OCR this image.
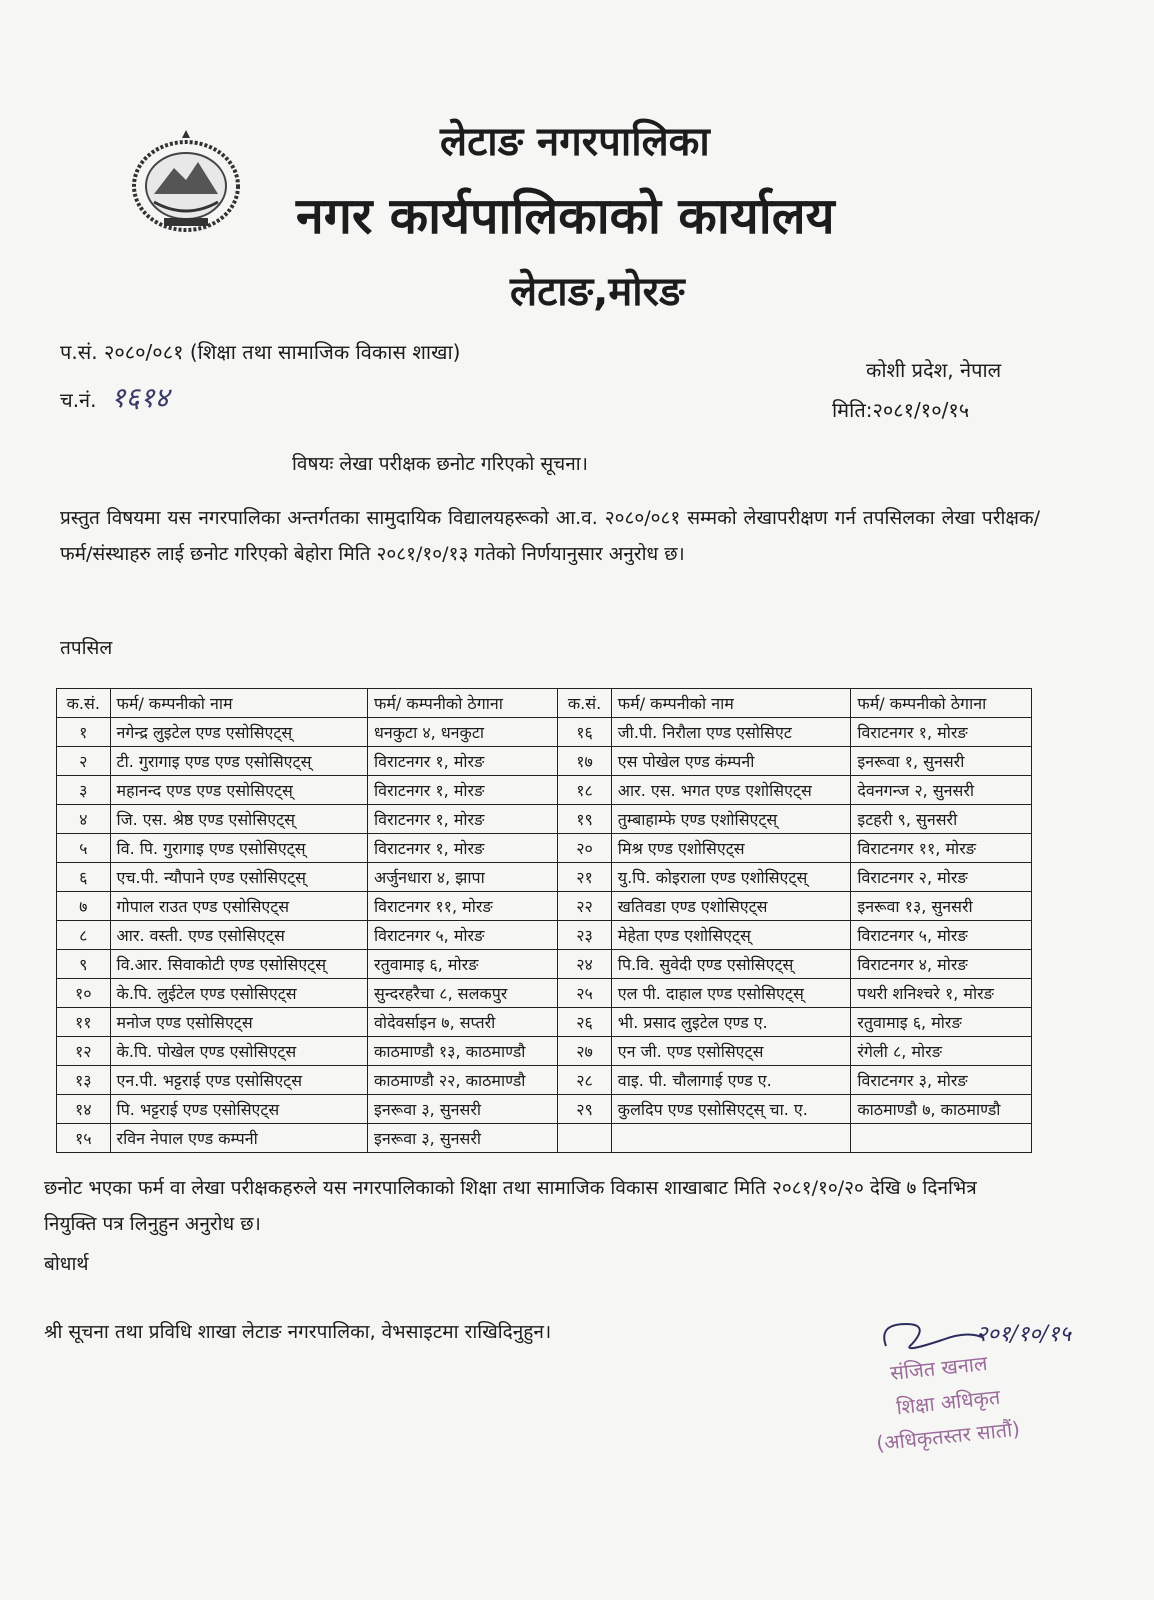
लेटाङ नगरपालिका
नगर कार्यपालिकाको कार्यालय
लेटाङ,मोरङ
प.सं. २०८०/०८१ (शिक्षा तथा सामाजिक विकास शाखा)
च.नं. १६१४
कोशी प्रदेश, नेपाल
मिति:२०८१/१०/१५
विषयः लेखा परीक्षक छनोट गरिएको सूचना।
प्रस्तुत विषयमा यस नगरपालिका अन्तर्गतका सामुदायिक विद्यालयहरूको आ.व. २०८०/०८१ सम्मको लेखापरीक्षण गर्न तपसिलका लेखा परीक्षक/फर्म/संस्थाहरु लाई छनोट गरिएको बेहोरा मिति २०८१/१०/१३ गतेको निर्णयानुसार अनुरोध छ।
तपसिल
क.सं.	फर्म/ कम्पनीको नाम	फर्म/ कम्पनीको ठेगाना	क.सं.	फर्म/ कम्पनीको नाम	फर्म/ कम्पनीको ठेगाना
१	नगेन्द्र लुइटेल एण्ड एसोसिएट्स्	धनकुटा ४, धनकुटा	१६	जी.पी. निरौला एण्ड एसोसिएट	विराटनगर १, मोरङ
२	टी. गुरागाइ एण्ड एण्ड एसोसिएट्स्	विराटनगर १, मोरङ	१७	एस पोखेल एण्ड कंम्पनी	इनरूवा १, सुनसरी
३	महानन्द एण्ड एण्ड एसोसिएट्स्	विराटनगर १, मोरङ	१८	आर. एस. भगत एण्ड एशोसिएट्स	देवनगन्ज २, सुनसरी
४	जि. एस. श्रेष्ठ एण्ड एसोसिएट्स्	विराटनगर १, मोरङ	१९	तुम्बाहाम्फे एण्ड एशोसिएट्स्	इटहरी ९, सुनसरी
५	वि. पि. गुरागाइ एण्ड एसोसिएट्स्	विराटनगर १, मोरङ	२०	मिश्र एण्ड एशोसिएट्स	विराटनगर ११, मोरङ
६	एच.पी. न्यौपाने एण्ड एसोसिएट्स्	अर्जुनधारा ४, झापा	२१	यु.पि. कोइराला एण्ड एशोसिएट्स्	विराटनगर २, मोरङ
७	गोपाल राउत एण्ड एसोसिएट्स	विराटनगर ११, मोरङ	२२	खतिवडा एण्ड एशोसिएट्स	इनरूवा १३, सुनसरी
८	आर. वस्ती. एण्ड एसोसिएट्स	विराटनगर ५, मोरङ	२३	मेहेता एण्ड एशोसिएट्स्	विराटनगर ५, मोरङ
९	वि.आर. सिवाकोटी एण्ड एसोसिएट्स्	रतुवामाइ ६, मोरङ	२४	पि.वि. सुवेदी एण्ड एसोसिएट्स्	विराटनगर ४, मोरङ
१०	के.पि. लुईटेल एण्ड एसोसिएट्स	सुन्दरहरैचा ८, सलकपुर	२५	एल पी. दाहाल एण्ड एसोसिएट्स्	पथरी शनिश्चरे १, मोरङ
११	मनोज एण्ड एसोसिएट्स	वोदेवर्साइन ७, सप्तरी	२६	भी. प्रसाद लुइटेल एण्ड ए.	रतुवामाइ ६, मोरङ
१२	के.पि. पोखेल एण्ड एसोसिएट्स	काठमाण्डौ १३, काठमाण्डौ	२७	एन जी. एण्ड एसोसिएट्स	रंगेली ८, मोरङ
१३	एन.पी. भट्टराई एण्ड एसोसिएट्स	काठमाण्डौ २२, काठमाण्डौ	२८	वाइ. पी. चौलागाई एण्ड ए.	विराटनगर ३, मोरङ
१४	पि. भट्टराई एण्ड एसोसिएट्स	इनरूवा ३, सुनसरी	२९	कुलदिप एण्ड एसोसिएट्स् चा. ए.	काठमाण्डौ ७, काठमाण्डौ
१५	रविन नेपाल एण्ड कम्पनी	इनरूवा ३, सुनसरी			
छनोट भएका फर्म वा लेखा परीक्षकहरुले यस नगरपालिकाको शिक्षा तथा सामाजिक विकास शाखाबाट मिति २०८१/१०/२० देखि ७ दिनभित्र नियुक्ति पत्र लिनुहुन अनुरोध छ।
बोधार्थ
श्री सूचना तथा प्रविधि शाखा लेटाङ नगरपालिका, वेभसाइटमा राखिदिनुहुन।	२०१/१०/१५
संजित खनाल
शिक्षा अधिकृत
(अधिकृतस्तर सातौं)
